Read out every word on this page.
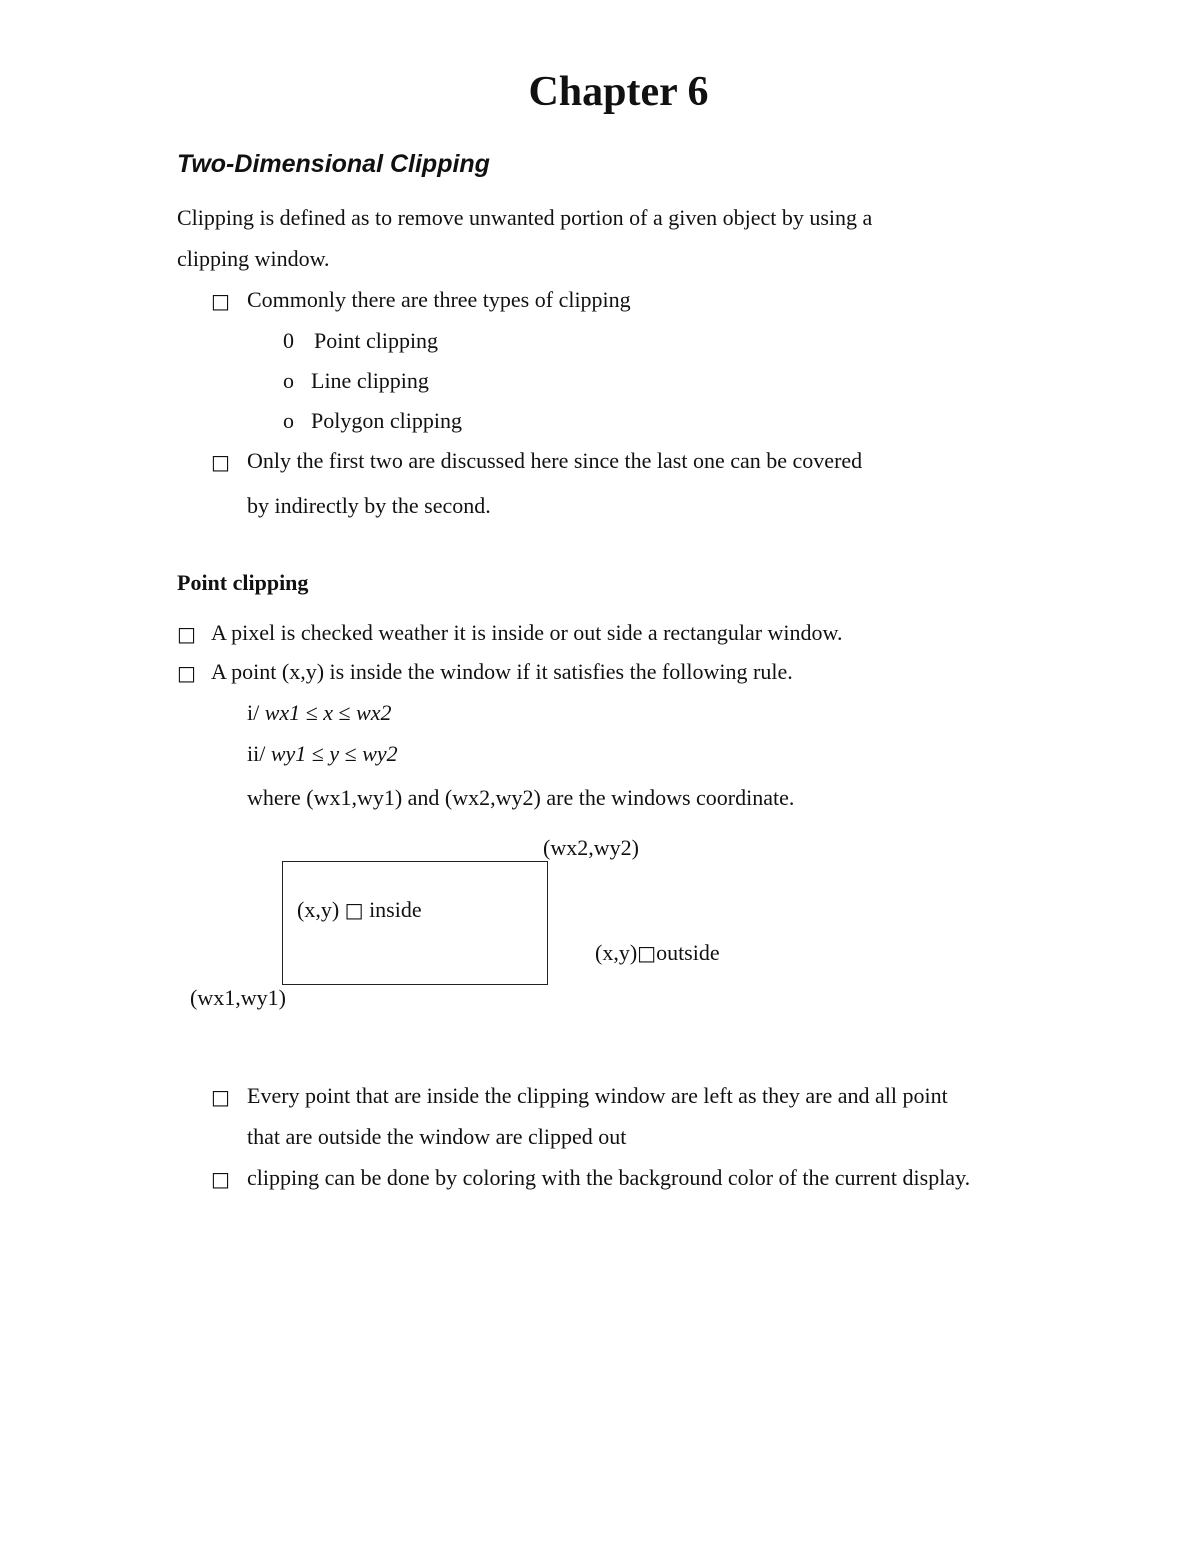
Chapter 6
Two-Dimensional Clipping
Clipping is defined as to remove unwanted portion of a given object by using a
clipping window.
□ Commonly there are three types of clipping
0 Point clipping
o Line clipping
o Polygon clipping
□ Only the first two are discussed here since the last one can be covered
by indirectly by the second.
Point clipping
□ A pixel is checked weather it is inside or out side a rectangular window.
□ A point (x,y) is inside the window if it satisfies the following rule.
i/ wx1 ≤ x ≤ wx2
ii/ wy1 ≤ y ≤ wy2
where (wx1,wy1) and (wx2,wy2) are the windows coordinate.
(wx2,wy2)
(x,y) □ inside
(x,y)□outside
(wx1,wy1)
□ Every point that are inside the clipping window are left as they are and all point
that are outside the window are clipped out
□ clipping can be done by coloring with the background color of the current display.
